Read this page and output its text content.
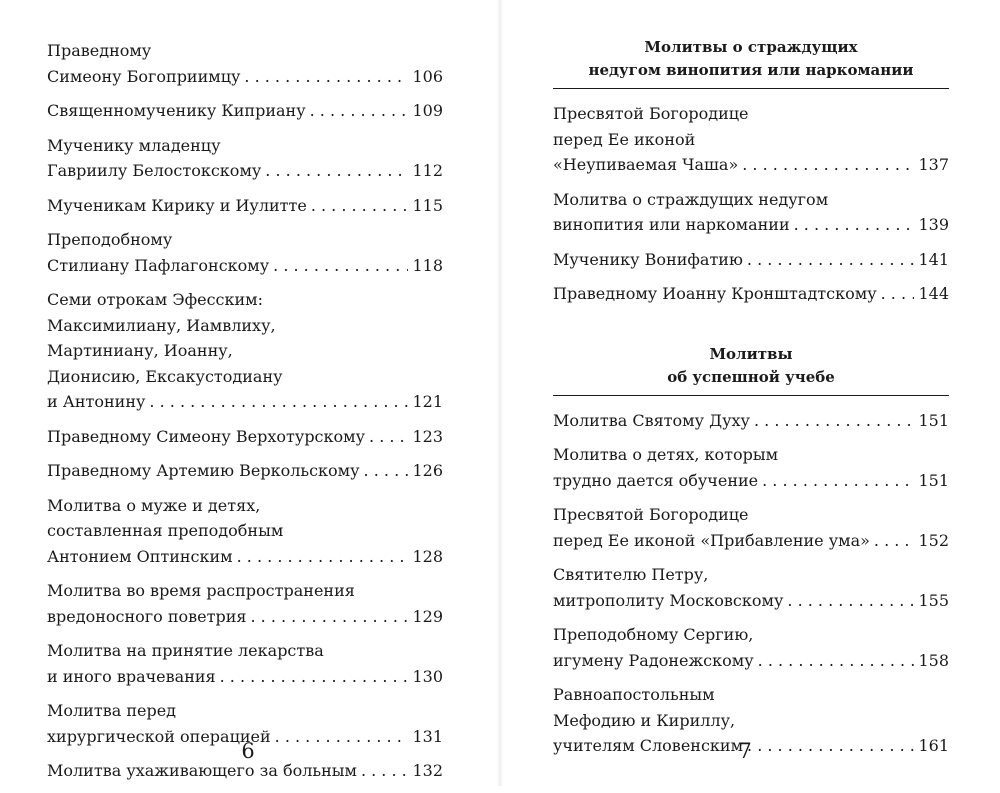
Праведному
Симеону Богоприимцу . . .	106
Священномученику Киприану . . .	109
Мученику младенцу
Гавриилу Белостокскому . . .	112
Мученикам Кирику и Иулитте . . .	115
Преподобному
Стилиану Пафлагонскому . . .	118
Семи отрокам Эфесским:
Максимилиану, Иамвлиху,
Мартиниану, Иоанну,
Дионисию, Ексакустодиану
и Антонину . . .	121
Праведному Симеону Верхотурскому . . .	123
Праведному Артемию Веркольскому . . .	126
Молитва о муже и детях,
составленная преподобным
Антонием Оптинским . . .	128
Молитва во время распространения
вредоносного поветрия . . .	129
Молитва на принятие лекарства
и иного врачевания . . .	130
Молитва перед
хирургической операцией . . .	131
Молитва ухаживающего за больным . . .	132
6
Молитвы о страждущих
недугом винопития или наркомании
Пресвятой Богородице
перед Ее иконой
«Неупиваемая Чаша» . . .	137
Молитва о страждущих недугом
винопития или наркомании . . .	139
Мученику Вонифатию . . .	141
Праведному Иоанну Кронштадтскому . . .	144
Молитвы
об успешной учебе
Молитва Святому Духу . . .	151
Молитва о детях, которым
трудно дается обучение . . .	151
Пресвятой Богородице
перед Ее иконой «Прибавление ума» . . .	152
Святителю Петру,
митрополиту Московскому . . .	155
Преподобному Сергию,
игумену Радонежскому . . .	158
Равноапостольным
Мефодию и Кириллу,
учителям Словенским . . .	161
7
